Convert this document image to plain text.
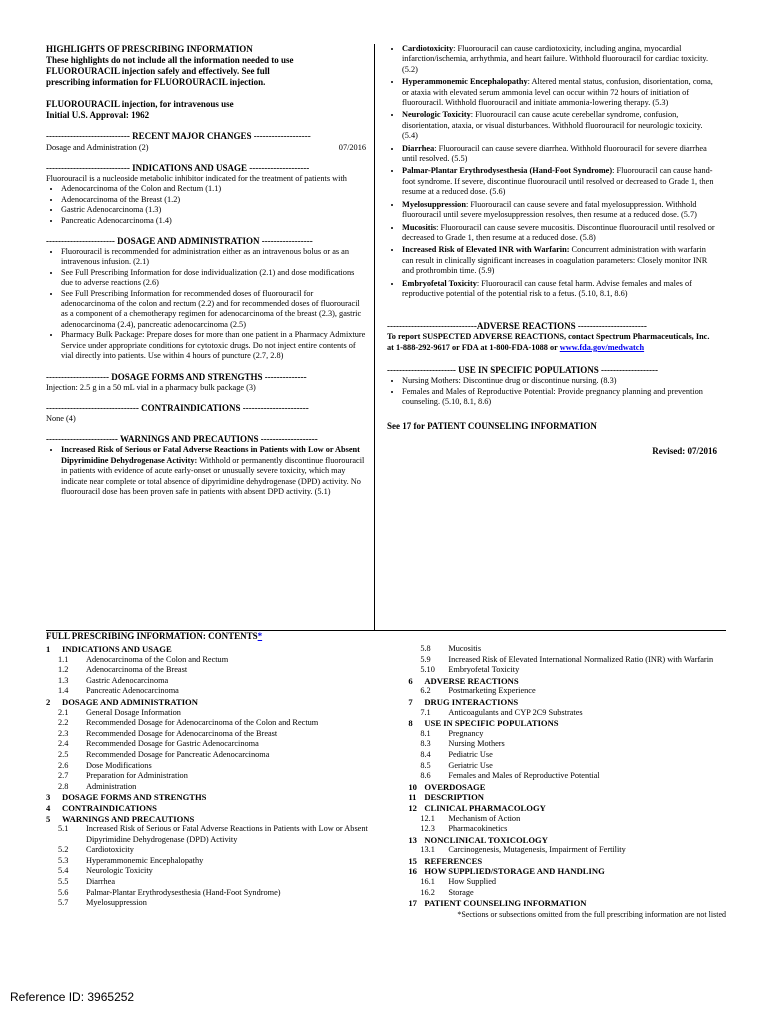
HIGHLIGHTS OF PRESCRIBING INFORMATION
These highlights do not include all the information needed to use
FLUOROURACIL injection safely and effectively. See full
prescribing information for FLUOROURACIL injection.
FLUOROURACIL injection, for intravenous use
Initial U.S. Approval: 1962
---------------------------- RECENT MAJOR CHANGES -------------------
Dosage and Administration (2)	07/2016
---------------------------- INDICATIONS AND USAGE --------------------
Fluorouracil is a nucleoside metabolic inhibitor indicated for the treatment of patients with
• Adenocarcinoma of the Colon and Rectum (1.1)
• Adenocarcinoma of the Breast (1.2)
• Gastric Adenocarcinoma (1.3)
• Pancreatic Adenocarcinoma (1.4)
----------------------- DOSAGE AND ADMINISTRATION -----------------
• Fluorouracil is recommended for administration either as an intravenous bolus or as an intravenous infusion. (2.1)
• See Full Prescribing Information for dose individualization (2.1) and dose modifications due to adverse reactions (2.6)
• See Full Prescribing Information for recommended doses of fluorouracil for adenocarcinoma of the colon and rectum (2.2) and for recommended doses of fluorouracil as a component of a chemotherapy regimen for adenocarcinoma of the breast (2.3), gastric adenocarcinoma (2.4), pancreatic adenocarcinoma (2.5)
• Pharmacy Bulk Package: Prepare doses for more than one patient in a Pharmacy Admixture Service under appropriate conditions for cytotoxic drugs. Do not inject entire contents of vial directly into patients. Use within 4 hours of puncture (2.7, 2.8)
--------------------- DOSAGE FORMS AND STRENGTHS --------------
Injection: 2.5 g in a 50 mL vial in a pharmacy bulk package (3)
------------------------------- CONTRAINDICATIONS ----------------------
None (4)
------------------------ WARNINGS AND PRECAUTIONS -------------------
• Increased Risk of Serious or Fatal Adverse Reactions in Patients with Low or Absent Dipyrimidine Dehydrogenase Activity: Withhold or permanently discontinue fluorouracil in patients with evidence of acute early-onset or unusually severe toxicity, which may indicate near complete or total absence of dipyrimidine dehydrogenase (DPD) activity. No fluorouracil dose has been proven safe in patients with absent DPD activity. (5.1)
• Cardiotoxicity: Fluorouracil can cause cardiotoxicity, including angina, myocardial infarction/ischemia, arrhythmia, and heart failure. Withhold fluorouracil for cardiac toxicity. (5.2)
• Hyperammonemic Encephalopathy: Altered mental status, confusion, disorientation, coma, or ataxia with elevated serum ammonia level can occur within 72 hours of initiation of fluorouracil. Withhold fluorouracil and initiate ammonia-lowering therapy. (5.3)
• Neurologic Toxicity: Fluorouracil can cause acute cerebellar syndrome, confusion, disorientation, ataxia, or visual disturbances. Withhold fluorouracil for neurologic toxicity. (5.4)
• Diarrhea: Fluorouracil can cause severe diarrhea. Withhold fluorouracil for severe diarrhea until resolved. (5.5)
• Palmar-Plantar Erythrodysesthesia (Hand-Foot Syndrome): Fluorouracil can cause hand-foot syndrome. If severe, discontinue fluorouracil until resolved or decreased to Grade 1, then resume at a reduced dose. (5.6)
• Myelosuppression: Fluorouracil can cause severe and fatal myelosuppression. Withhold fluorouracil until severe myelosuppression resolves, then resume at a reduced dose. (5.7)
• Mucositis: Fluorouracil can cause severe mucositis. Discontinue fluorouracil until resolved or decreased to Grade 1, then resume at a reduced dose. (5.8)
• Increased Risk of Elevated INR with Warfarin: Concurrent administration with warfarin can result in clinically significant increases in coagulation parameters: Closely monitor INR and prothrombin time. (5.9)
• Embryofetal Toxicity: Fluorouracil can cause fetal harm. Advise females and males of reproductive potential of the potential risk to a fetus. (5.10, 8.1, 8.6)
------------------------------ADVERSE REACTIONS -----------------------
To report SUSPECTED ADVERSE REACTIONS, contact Spectrum Pharmaceuticals, Inc. at 1-888-292-9617 or FDA at 1-800-FDA-1088 or www.fda.gov/medwatch
----------------------- USE IN SPECIFIC POPULATIONS -------------------
• Nursing Mothers: Discontinue drug or discontinue nursing. (8.3)
• Females and Males of Reproductive Potential: Provide pregnancy planning and prevention counseling. (5.10, 8.1, 8.6)
See 17 for PATIENT COUNSELING INFORMATION
Revised: 07/2016
FULL PRESCRIBING INFORMATION: CONTENTS*
1	INDICATIONS AND USAGE
1.1	Adenocarcinoma of the Colon and Rectum
1.2	Adenocarcinoma of the Breast
1.3	Gastric Adenocarcinoma
1.4	Pancreatic Adenocarcinoma
2	DOSAGE AND ADMINISTRATION
2.1	General Dosage Information
2.2	Recommended Dosage for Adenocarcinoma of the Colon and Rectum
2.3	Recommended Dosage for Adenocarcinoma of the Breast
2.4	Recommended Dosage for Gastric Adenocarcinoma
2.5	Recommended Dosage for Pancreatic Adenocarcinoma
2.6	Dose Modifications
2.7	Preparation for Administration
2.8	Administration
3	DOSAGE FORMS AND STRENGTHS
4	CONTRAINDICATIONS
5	WARNINGS AND PRECAUTIONS
5.1	Increased Risk of Serious or Fatal Adverse Reactions in Patients with Low or Absent Dipyrimidine Dehydrogenase (DPD) Activity
5.2	Cardiotoxicity
5.3	Hyperammonemic Encephalopathy
5.4	Neurologic Toxicity
5.5	Diarrhea
5.6	Palmar-Plantar Erythrodysesthesia (Hand-Foot Syndrome)
5.7	Myelosuppression
5.8	Mucositis
5.9	Increased Risk of Elevated International Normalized Ratio (INR) with Warfarin
5.10	Embryofetal Toxicity
6	ADVERSE REACTIONS
6.2	Postmarketing Experience
7	DRUG INTERACTIONS
7.1	Anticoagulants and CYP 2C9 Substrates
8	USE IN SPECIFIC POPULATIONS
8.1	Pregnancy
8.3	Nursing Mothers
8.4	Pediatric Use
8.5	Geriatric Use
8.6	Females and Males of Reproductive Potential
10 OVERDOSAGE
11 DESCRIPTION
12 CLINICAL PHARMACOLOGY
12.1	Mechanism of Action
12.3	Pharmacokinetics
13 NONCLINICAL TOXICOLOGY
13.1	Carcinogenesis, Mutagenesis, Impairment of Fertility
15 REFERENCES
16 HOW SUPPLIED/STORAGE AND HANDLING
16.1	How Supplied
16.2	Storage
17 PATIENT COUNSELING INFORMATION
*Sections or subsections omitted from the full prescribing information are not listed
Reference ID: 3965252
